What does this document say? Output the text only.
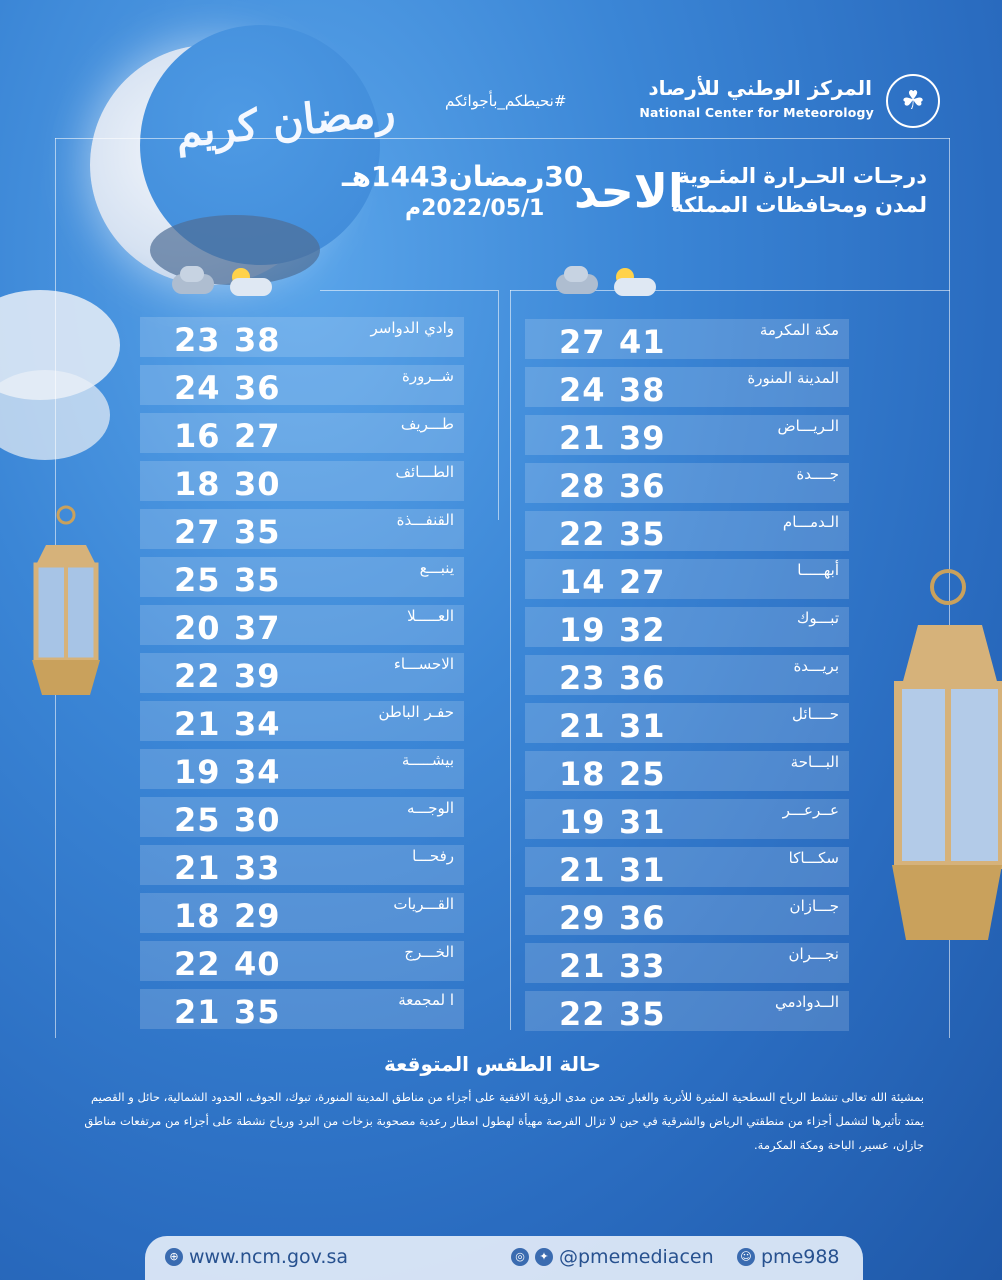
رمضان كريم	#نحيطكم_بأجوائكم
المركز الوطني للأرصاد
National Center for Meteorology	☘
درجـات الحـرارة المئـوية
لمدن ومحافظات المملكة
الاحد
30رمضان1443هـ
2022/05/1م
مكة المكرمة
27 41
المدينة المنورة
24 38
الـريـــاض
21 39
جــــدة
28 36
الـدمـــام
22 35
أبهـــــا
14 27
تبـــوك
19 32
بريـــدة
23 36
حــــائل
21 31
البـــاحة
18 25
عــرعـــر
19 31
سكـــاكا
21 31
جـــازان
29 36
نجـــران
21 33
الــدوادمي
22 35
وادي الدواسر
23 38
شــرورة
24 36
طـــريف
16 27
الطـــائف
18 30
القنفـــذة
27 35
ينبـــع
25 35
العـــــلا
20 37
الاحســـاء
22 39
حفـر الباطن
21 34
بيشـــــة
19 34
الوجـــه
25 30
رفحـــا
21 33
القـــريات
18 29
الخـــرج
22 40
ا لمجمعة
21 35
حالة الطقس المتوقعة
بمشيئة الله تعالى تنشط الرياح السطحية المثيرة للأتربة والغبار تحد من مدى الرؤية الافقية على أجزاء من مناطق المدينة المنورة، تبوك، الجوف، الحدود الشمالية، حائل و القصيم يمتد تأثيرها لتشمل أجزاء من منطقتي الرياض والشرقية في حين لا تزال الفرصة مهيأة لهطول امطار رعدية مصحوبة بزخات من البرد ورياح نشطة على أجزاء من مرتفعات مناطق جازان، عسير، الباحة ومكة المكرمة.
⊕ www.ncm.gov.sa	◎	✦ @pmemediacen ☺ pme988
